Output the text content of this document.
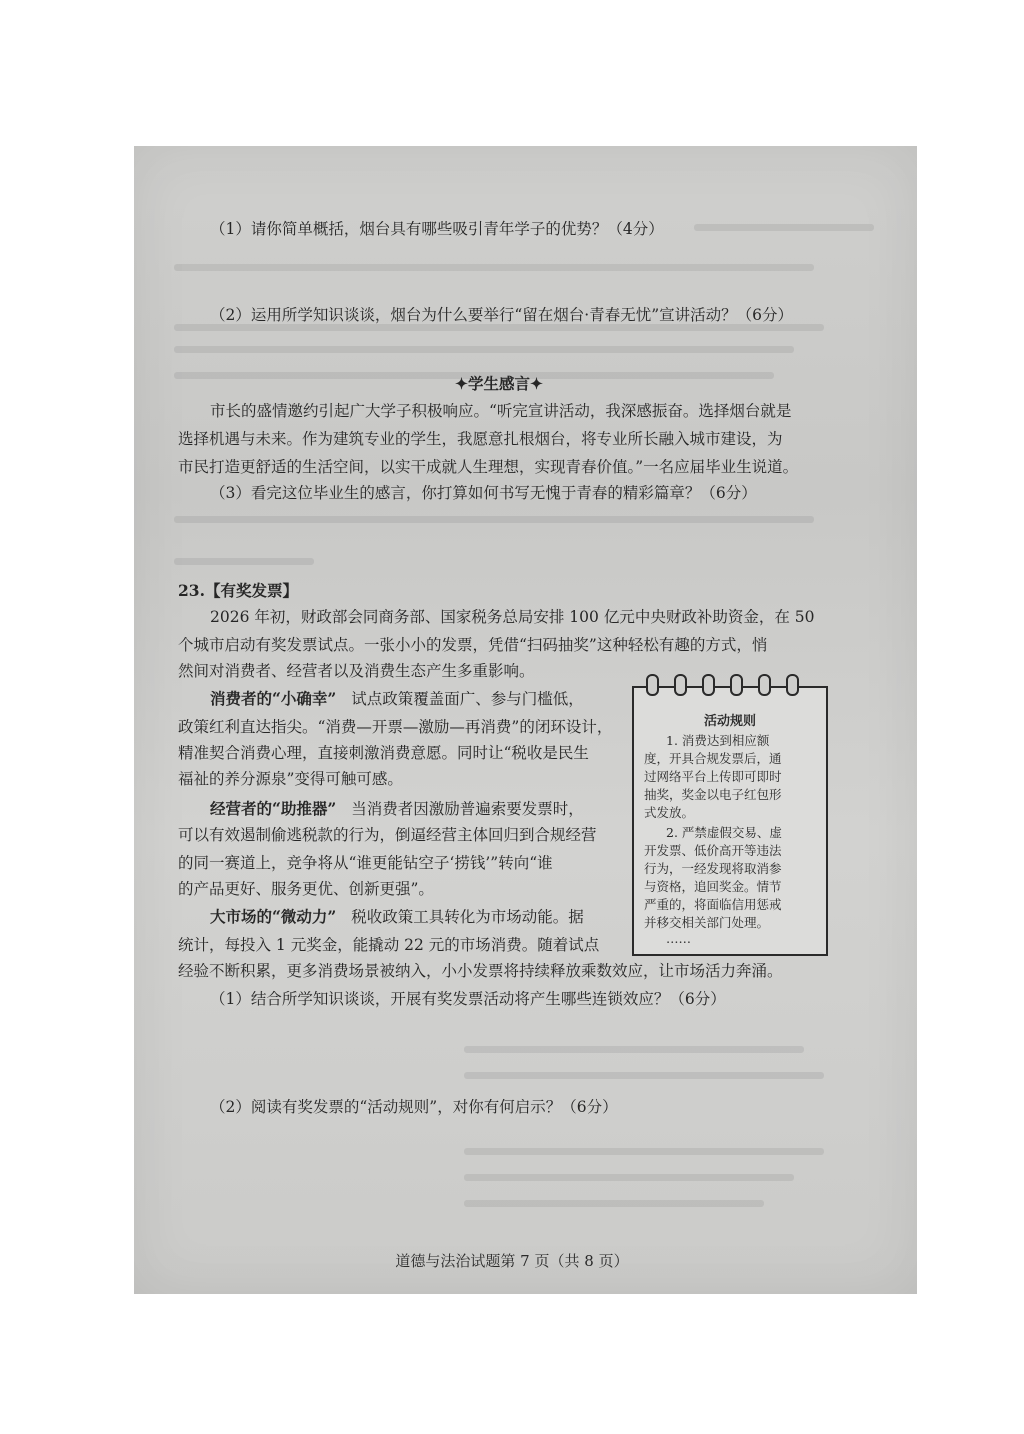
（1）请你简单概括，烟台具有哪些吸引青年学子的优势？（4分）
（2）运用所学知识谈谈，烟台为什么要举行“留在烟台·青春无忧”宣讲活动？（6分）
✦学生感言✦
市长的盛情邀约引起广大学子积极响应。“听完宣讲活动，我深感振奋。选择烟台就是
选择机遇与未来。作为建筑专业的学生，我愿意扎根烟台，将专业所长融入城市建设，为
市民打造更舒适的生活空间，以实干成就人生理想，实现青春价值。”一名应届毕业生说道。
（3）看完这位毕业生的感言，你打算如何书写无愧于青春的精彩篇章？（6分）
23.【有奖发票】
2026 年初，财政部会同商务部、国家税务总局安排 100 亿元中央财政补助资金，在 50
个城市启动有奖发票试点。一张小小的发票，凭借“扫码抽奖”这种轻松有趣的方式，悄
然间对消费者、经营者以及消费生态产生多重影响。
消费者的“小确幸” 试点政策覆盖面广、参与门槛低，
政策红利直达指尖。“消费—开票—激励—再消费”的闭环设计，
精准契合消费心理，直接刺激消费意愿。同时让“税收是民生
福祉的养分源泉”变得可触可感。
经营者的“助推器” 当消费者因激励普遍索要发票时，
可以有效遏制偷逃税款的行为，倒逼经营主体回归到合规经营
的同一赛道上，竞争将从“谁更能钻空子‘捞钱’”转向“谁
的产品更好、服务更优、创新更强”。
大市场的“微动力” 税收政策工具转化为市场动能。据
统计，每投入 1 元奖金，能撬动 22 元的市场消费。随着试点
经验不断积累，更多消费场景被纳入，小小发票将持续释放乘数效应，让市场活力奔涌。
活动规则
1. 消费达到相应额
度，开具合规发票后，通
过网络平台上传即可即时
抽奖，奖金以电子红包形
式发放。
2. 严禁虚假交易、虚
开发票、低价高开等违法
行为，一经发现将取消参
与资格，追回奖金。情节
严重的，将面临信用惩戒
并移交相关部门处理。
……
（1）结合所学知识谈谈，开展有奖发票活动将产生哪些连锁效应？（6分）
（2）阅读有奖发票的“活动规则”，对你有何启示？（6分）
道德与法治试题第 7 页（共 8 页）
